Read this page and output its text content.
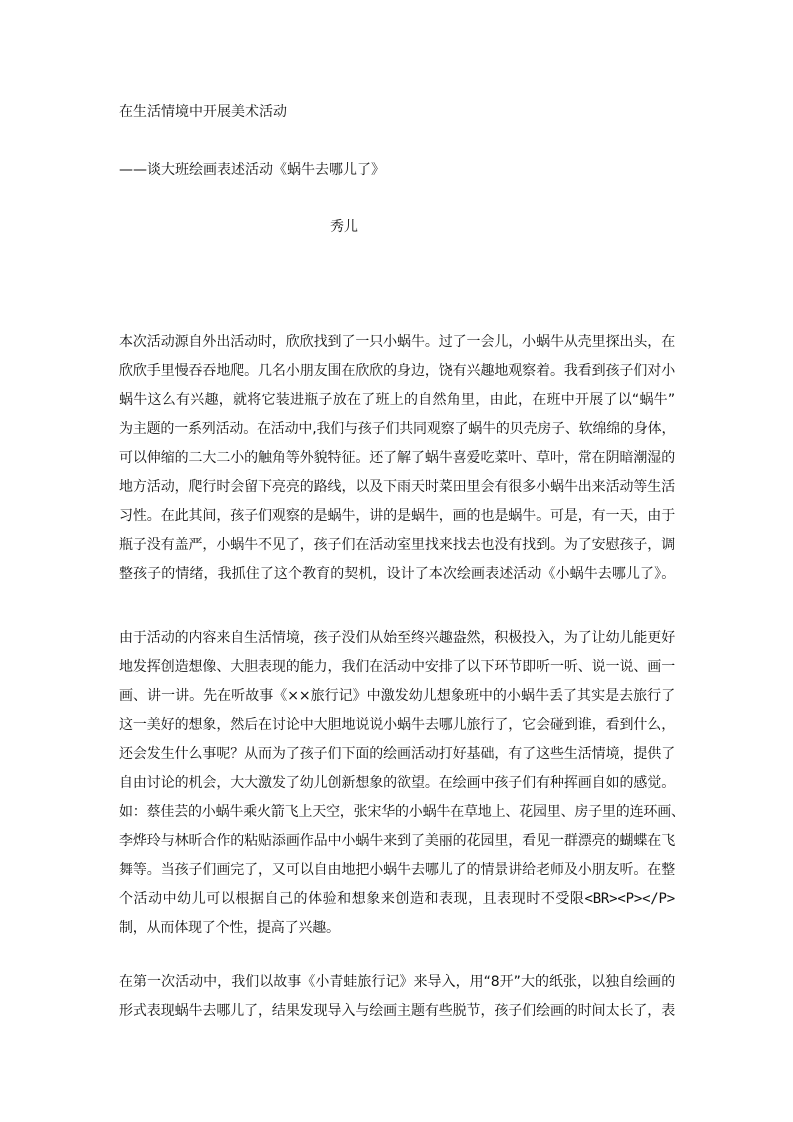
在生活情境中开展美术活动
——谈大班绘画表述活动《蜗牛去哪儿了》
秀儿
本次活动源自外出活动时，欣欣找到了一只小蜗牛。过了一会儿，小蜗牛从壳里探出头，在
欣欣手里慢吞吞地爬。几名小朋友围在欣欣的身边，饶有兴趣地观察着。我看到孩子们对小
蜗牛这么有兴趣，就将它装进瓶子放在了班上的自然角里，由此，在班中开展了以“蜗牛”
为主题的一系列活动。在活动中,我们与孩子们共同观察了蜗牛的贝壳房子、软绵绵的身体，
可以伸缩的二大二小的触角等外貌特征。还了解了蜗牛喜爱吃菜叶、草叶，常在阴暗潮湿的
地方活动，爬行时会留下亮亮的路线，以及下雨天时菜田里会有很多小蜗牛出来活动等生活
习性。在此其间，孩子们观察的是蜗牛，讲的是蜗牛，画的也是蜗牛。可是，有一天，由于
瓶子没有盖严，小蜗牛不见了，孩子们在活动室里找来找去也没有找到。为了安慰孩子，调
整孩子的情绪，我抓住了这个教育的契机，设计了本次绘画表述活动《小蜗牛去哪儿了》。
由于活动的内容来自生活情境，孩子没们从始至终兴趣盎然，积极投入，为了让幼儿能更好
地发挥创造想像、大胆表现的能力，我们在活动中安排了以下环节即听一听、说一说、画一
画、讲一讲。先在听故事《××旅行记》中激发幼儿想象班中的小蜗牛丢了其实是去旅行了
这一美好的想象，然后在讨论中大胆地说说小蜗牛去哪儿旅行了，它会碰到谁，看到什么，
还会发生什么事呢？从而为了孩子们下面的绘画活动打好基础，有了这些生活情境，提供了
自由讨论的机会，大大激发了幼儿创新想象的欲望。在绘画中孩子们有种挥画自如的感觉。
如：蔡佳芸的小蜗牛乘火箭飞上天空，张宋华的小蜗牛在草地上、花园里、房子里的连环画、
李烨玲与林昕合作的粘贴添画作品中小蜗牛来到了美丽的花园里，看见一群漂亮的蝴蝶在飞
舞等。当孩子们画完了，又可以自由地把小蜗牛去哪儿了的情景讲给老师及小朋友听。在整
个活动中幼儿可以根据自己的体验和想象来创造和表现，且表现时不受限<BR><P></P>
制，从而体现了个性，提高了兴趣。
在第一次活动中，我们以故事《小青蛙旅行记》来导入，用“8开”大的纸张，以独自绘画的
形式表现蜗牛去哪儿了，结果发现导入与绘画主题有些脱节，孩子们绘画的时间太长了，表
